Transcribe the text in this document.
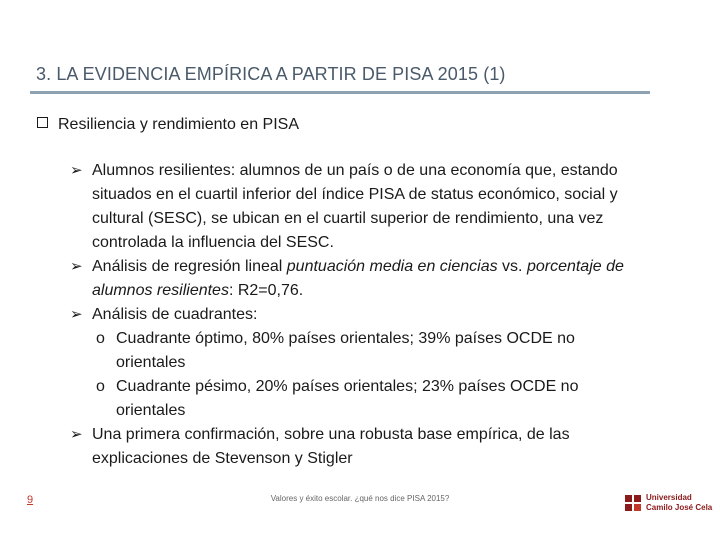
3. LA EVIDENCIA EMPÍRICA A PARTIR DE PISA 2015 (1)
Resiliencia y rendimiento en PISA
➢ Alumnos resilientes: alumnos de un país o de una economía que, estando
situados en el cuartil inferior del índice PISA de status económico, social y
cultural (SESC), se ubican en el cuartil superior de rendimiento, una vez
controlada la influencia del SESC.
➢ Análisis de regresión lineal puntuación media en ciencias vs. porcentaje de
alumnos resilientes: R2=0,76.
➢ Análisis de cuadrantes:
o Cuadrante óptimo, 80% países orientales; 39% países OCDE no
orientales
o Cuadrante pésimo, 20% países orientales; 23% países OCDE no
orientales
➢ Una primera confirmación, sobre una robusta base empírica, de las
explicaciones de Stevenson y Stigler
9	Valores y éxito escolar. ¿qué nos dice PISA 2015?	Universidad
Camilo José Cela
